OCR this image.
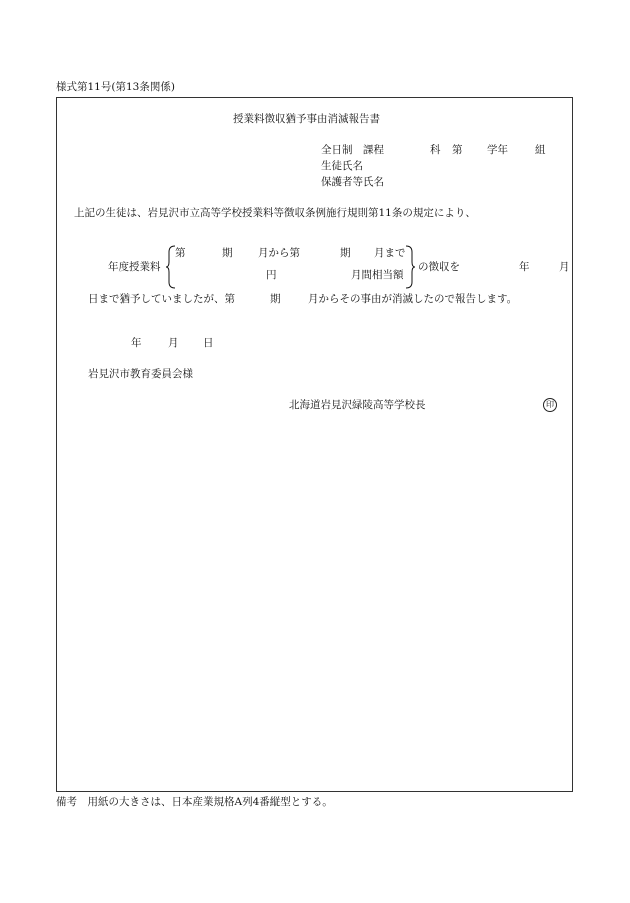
様式第11号(第13条関係)
授業料徴収猶予事由消滅報告書
全日制　課程	科 第 学年	組
生徒氏名
保護者等氏名
上記の生徒は、岩見沢市立高等学校授業料等徴収条例施行規則第11条の規定により、
年度授業料
第	期 月から第	期 月まで
円	月間相当額
の徴収を	年	月
日まで猶予していましたが、第	期	月からその事由が消滅したので報告します。
年	月 日
岩見沢市教育委員会様
北海道岩見沢緑陵高等学校長	印
備考　用紙の大きさは、日本産業規格A列4番縦型とする。
